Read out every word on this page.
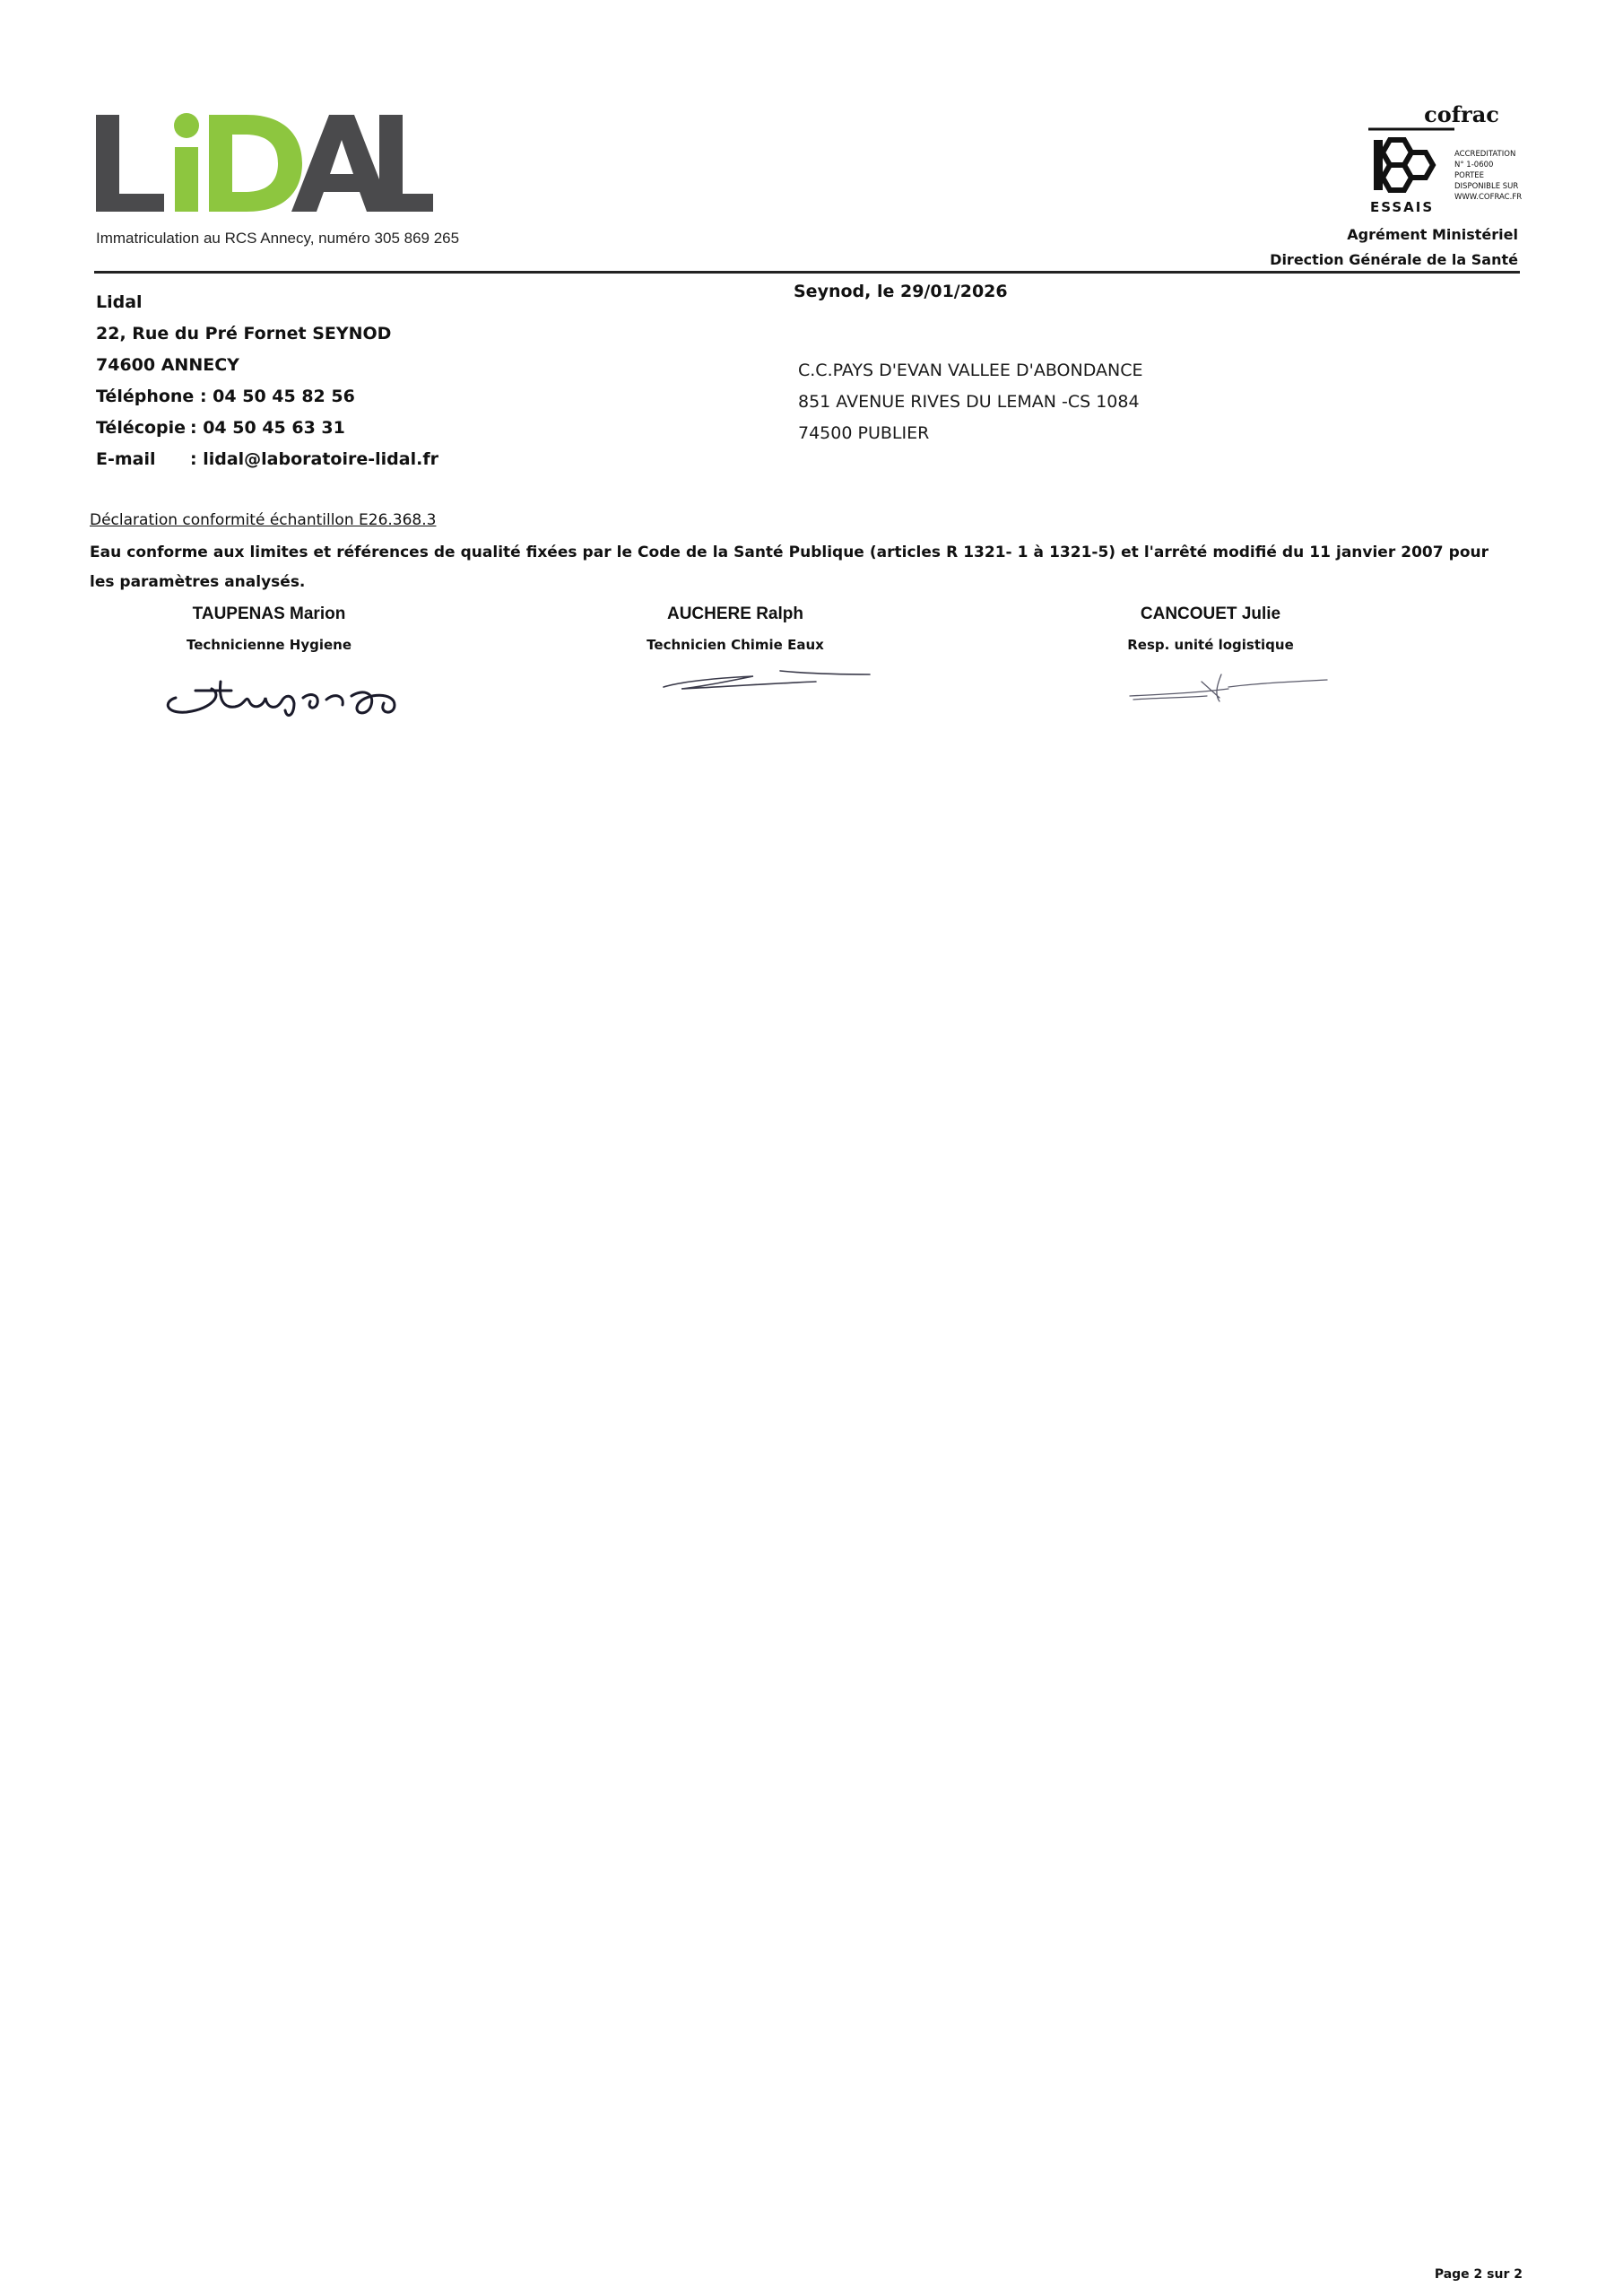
Immatriculation au RCS Annecy, numéro 305 869 265
cofrac
ESSAIS
ACCREDITATION
N° 1-0600
PORTEE
DISPONIBLE SUR
WWW.COFRAC.FR
Agrément Ministériel
Direction Générale de la Santé
Lidal
22, Rue du Pré Fornet SEYNOD
74600 ANNECY
Téléphone : 04 50 45 82 56
Télécopie : 04 50 45 63 31
E-mail : lidal@laboratoire-lidal.fr
Seynod, le 29/01/2026
C.C.PAYS D'EVAN VALLEE D'ABONDANCE
851 AVENUE RIVES DU LEMAN -CS 1084
74500 PUBLIER
Déclaration conformité échantillon E26.368.3
Eau conforme aux limites et références de qualité fixées par le Code de la Santé Publique (articles R 1321- 1 à 1321-5) et l'arrêté modifié du 11 janvier 2007 pour les paramètres analysés.
TAUPENAS Marion
Technicienne Hygiene
AUCHERE Ralph
Technicien Chimie Eaux
CANCOUET Julie
Resp. unité logistique
Page 2 sur 2
